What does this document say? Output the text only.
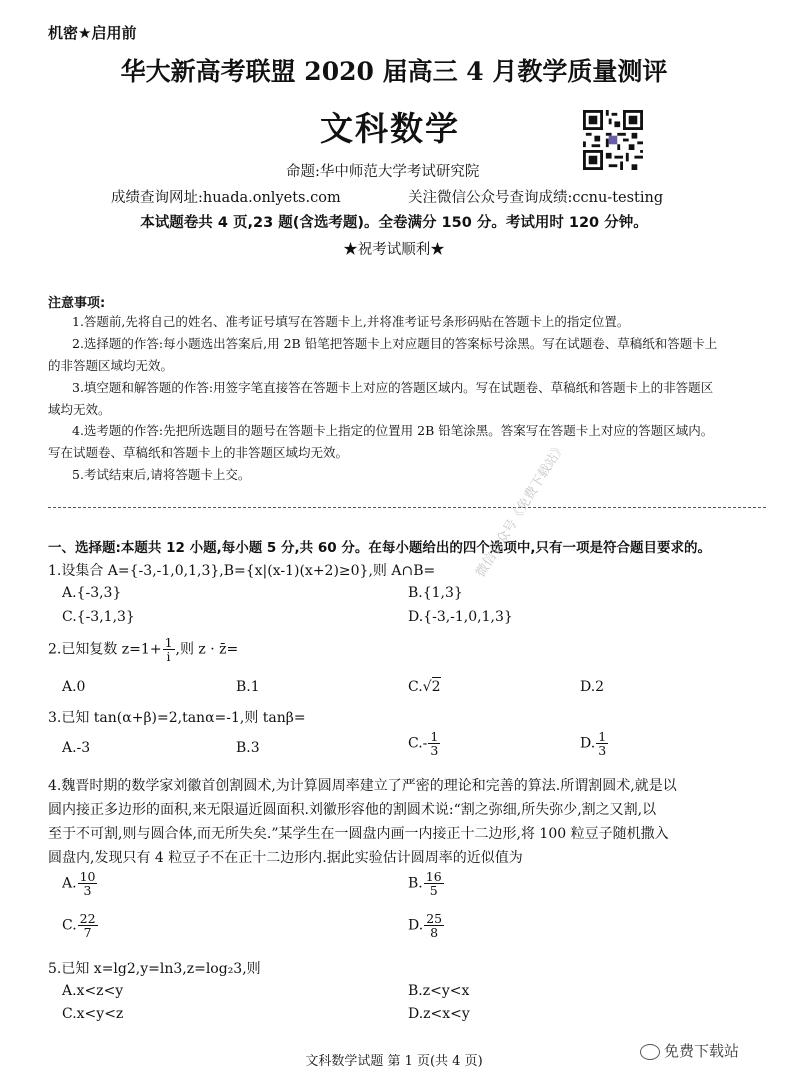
机密★启用前
华大新高考联盟 2020 届高三 4 月教学质量测评
文科数学
命题:华中师范大学考试研究院
成绩查询网址:huada.onlyets.com	关注微信公众号查询成绩:ccnu-testing
本试题卷共 4 页,23 题(含选考题)。全卷满分 150 分。考试用时 120 分钟。
★祝考试顺利★
注意事项:
1.答题前,先将自己的姓名、准考证号填写在答题卡上,并将准考证号条形码贴在答题卡上的指定位置。
2.选择题的作答:每小题选出答案后,用 2B 铅笔把答题卡上对应题目的答案标号涂黑。写在试题卷、草稿纸和答题卡上
的非答题区域均无效。
3.填空题和解答题的作答:用签字笔直接答在答题卡上对应的答题区域内。写在试题卷、草稿纸和答题卡上的非答题区
域均无效。
4.选考题的作答:先把所选题目的题号在答题卡上指定的位置用 2B 铅笔涂黑。答案写在答题卡上对应的答题区域内。
写在试题卷、草稿纸和答题卡上的非答题区域均无效。
5.考试结束后,请将答题卡上交。
一、选择题:本题共 12 小题,每小题 5 分,共 60 分。在每小题给出的四个选项中,只有一项是符合题目要求的。
1.设集合 A={-3,-1,0,1,3},B={x|(x-1)(x+2)≥0},则 A∩B=
A.{-3,3}	B.{1,3}
C.{-3,1,3}	D.{-3,-1,0,1,3}
2.已知复数 $z=1+ \frac{1}{i}$ ,则 z · z̄=
A.0	B.1	C.√2	D.2
3.已知 tan(α+β)=2,tanα=-1,则 tanβ=
A.-3	B.3	$C.- \frac{1}{3}$	D. $\frac{1}{3}$
4.魏晋时期的数学家刘徽首创割圆术,为计算圆周率建立了严密的理论和完善的算法.所谓割圆术,就是以
圆内接正多边形的面积,来无限逼近圆面积.刘徽形容他的割圆术说:“割之弥细,所失弥少,割之又割,以
至于不可割,则与圆合体,而无所失矣.”某学生在一圆盘内画一内接正十二边形,将 100 粒豆子随机撒入
圆盘内,发现只有 4 粒豆子不在正十二边形内.据此实验估计圆周率的近似值为
A. $\frac{10}{3}$	B. $\frac{16}{5}$
C. $\frac{22}{7}$	D. $\frac{25}{8}$
5.已知 x=lg2,y=ln3,z=log₂3,则
A.x<z<y	B.z<y<x
C.x<y<z	D.z<x<y
微信公众号《免费下载站》
文科数学试题 第 1 页(共 4 页)
免费下载站
